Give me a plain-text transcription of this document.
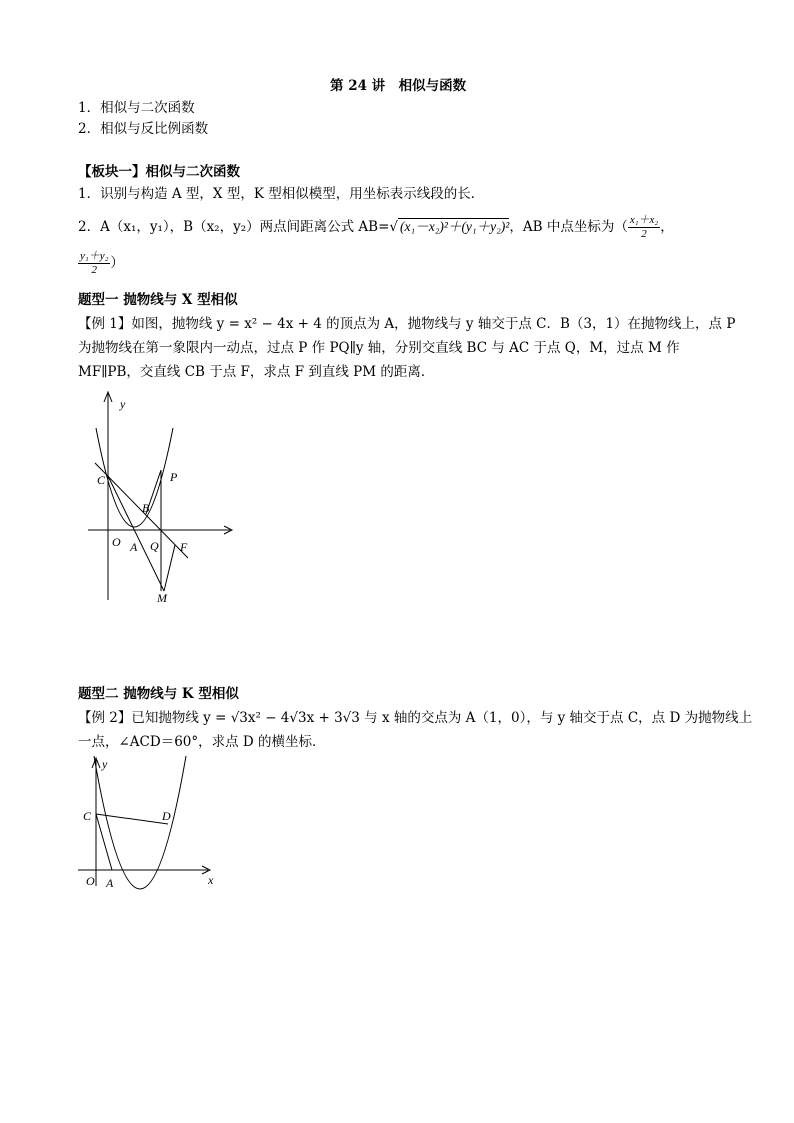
第 24 讲　相似与函数
1．相似与二次函数
2．相似与反比例函数
【板块一】相似与二次函数
1．识别与构造 A 型，X 型，K 型相似模型，用坐标表示线段的长．
2．A（x₁，y₁），B（x₂，y₂）两点间距离公式 AB=√ (x₁－x₂)²＋(y₁＋y₂)²，AB 中点坐标为（ $\frac{\text{x₁＋x₂}}{2}$ ，
$\frac{\text{y₁＋y₂}}{2}$ ）
题型一 抛物线与 X 型相似
【例 1】如图，抛物线 y = x² − 4x + 4 的顶点为 A，抛物线与 y 轴交于点 C．B（3，1）在抛物线上，点 P
为抛物线在第一象限内一动点，过点 P 作 PQ∥y 轴，分别交直线 BC 与 AC 于点 Q，M，过点 M 作
MF∥PB，交直线 CB 于点 F，求点 F 到直线 PM 的距离．
y
C	P
B
O A Q F
M
题型二 抛物线与 K 型相似
【例 2】已知抛物线 y = √3x² − 4√3x + 3√3 与 x 轴的交点为 A（1，0），与 y 轴交于点 C，点 D 为抛物线上
一点，∠ACD＝60°，求点 D 的横坐标．
y
C	D
O A	x
